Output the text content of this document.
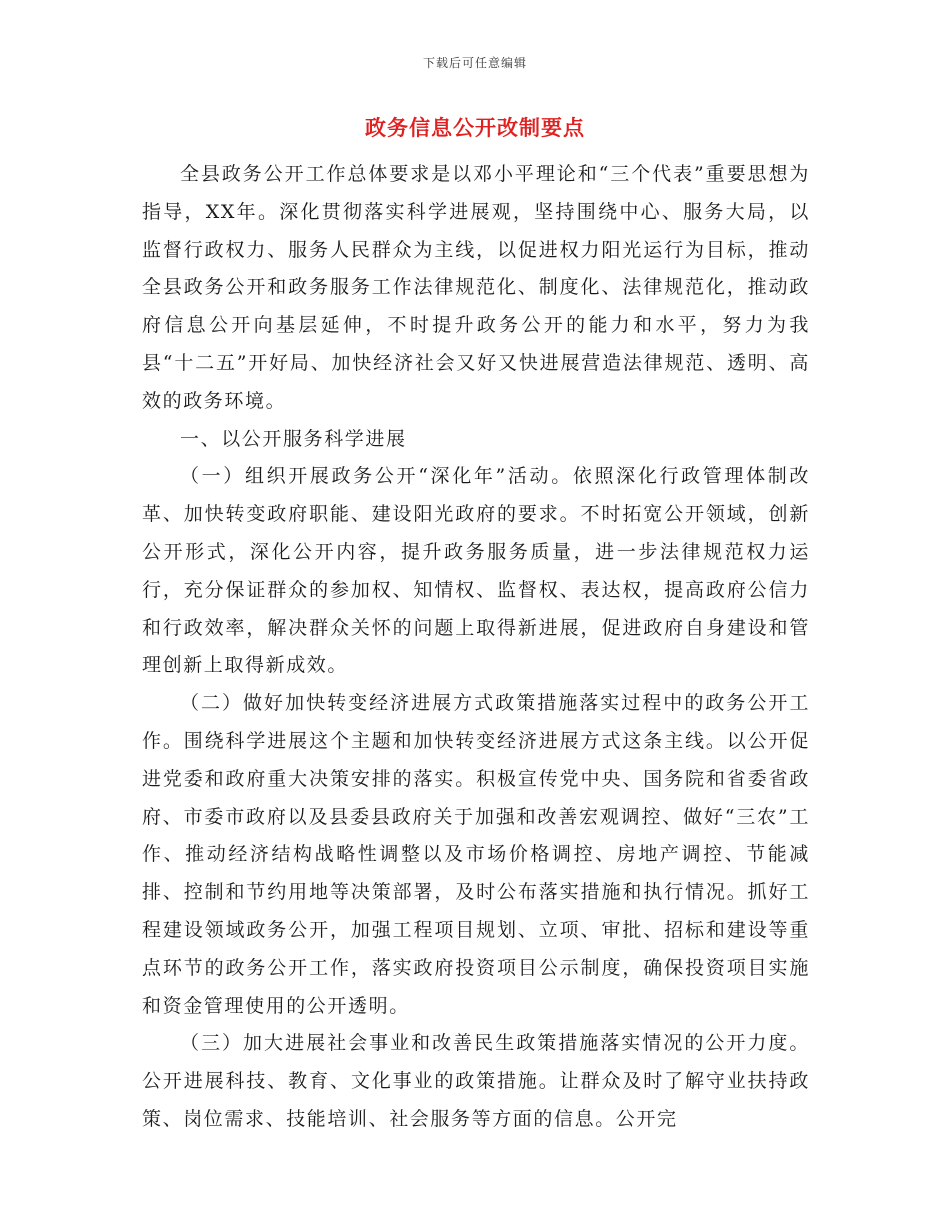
下载后可任意编辑
政务信息公开改制要点

全县政务公开工作总体要求是以邓小平理论和“三个代表”重要思想为指导，XX年。深化贯彻落实科学进展观，坚持围绕中心、服务大局，以监督行政权力、服务人民群众为主线，以促进权力阳光运行为目标，推动全县政务公开和政务服务工作法律规范化、制度化、法律规范化，推动政府信息公开向基层延伸，不时提升政务公开的能力和水平，努力为我县“十二五”开好局、加快经济社会又好又快进展营造法律规范、透明、高效的政务环境。

一、以公开服务科学进展

（一）组织开展政务公开“深化年”活动。依照深化行政管理体制改革、加快转变政府职能、建设阳光政府的要求。不时拓宽公开领域，创新公开形式，深化公开内容，提升政务服务质量，进一步法律规范权力运行，充分保证群众的参加权、知情权、监督权、表达权，提高政府公信力和行政效率，解决群众关怀的问题上取得新进展，促进政府自身建设和管理创新上取得新成效。

（二）做好加快转变经济进展方式政策措施落实过程中的政务公开工作。围绕科学进展这个主题和加快转变经济进展方式这条主线。以公开促进党委和政府重大决策安排的落实。积极宣传党中央、国务院和省委省政府、市委市政府以及县委县政府关于加强和改善宏观调控、做好“三农”工作、推动经济结构战略性调整以及市场价格调控、房地产调控、节能减排、控制和节约用地等决策部署，及时公布落实措施和执行情况。抓好工程建设领域政务公开，加强工程项目规划、立项、审批、招标和建设等重点环节的政务公开工作，落实政府投资项目公示制度，确保投资项目实施和资金管理使用的公开透明。

（三）加大进展社会事业和改善民生政策措施落实情况的公开力度。公开进展科技、教育、文化事业的政策措施。让群众及时了解守业扶持政策、岗位需求、技能培训、社会服务等方面的信息。公开完
